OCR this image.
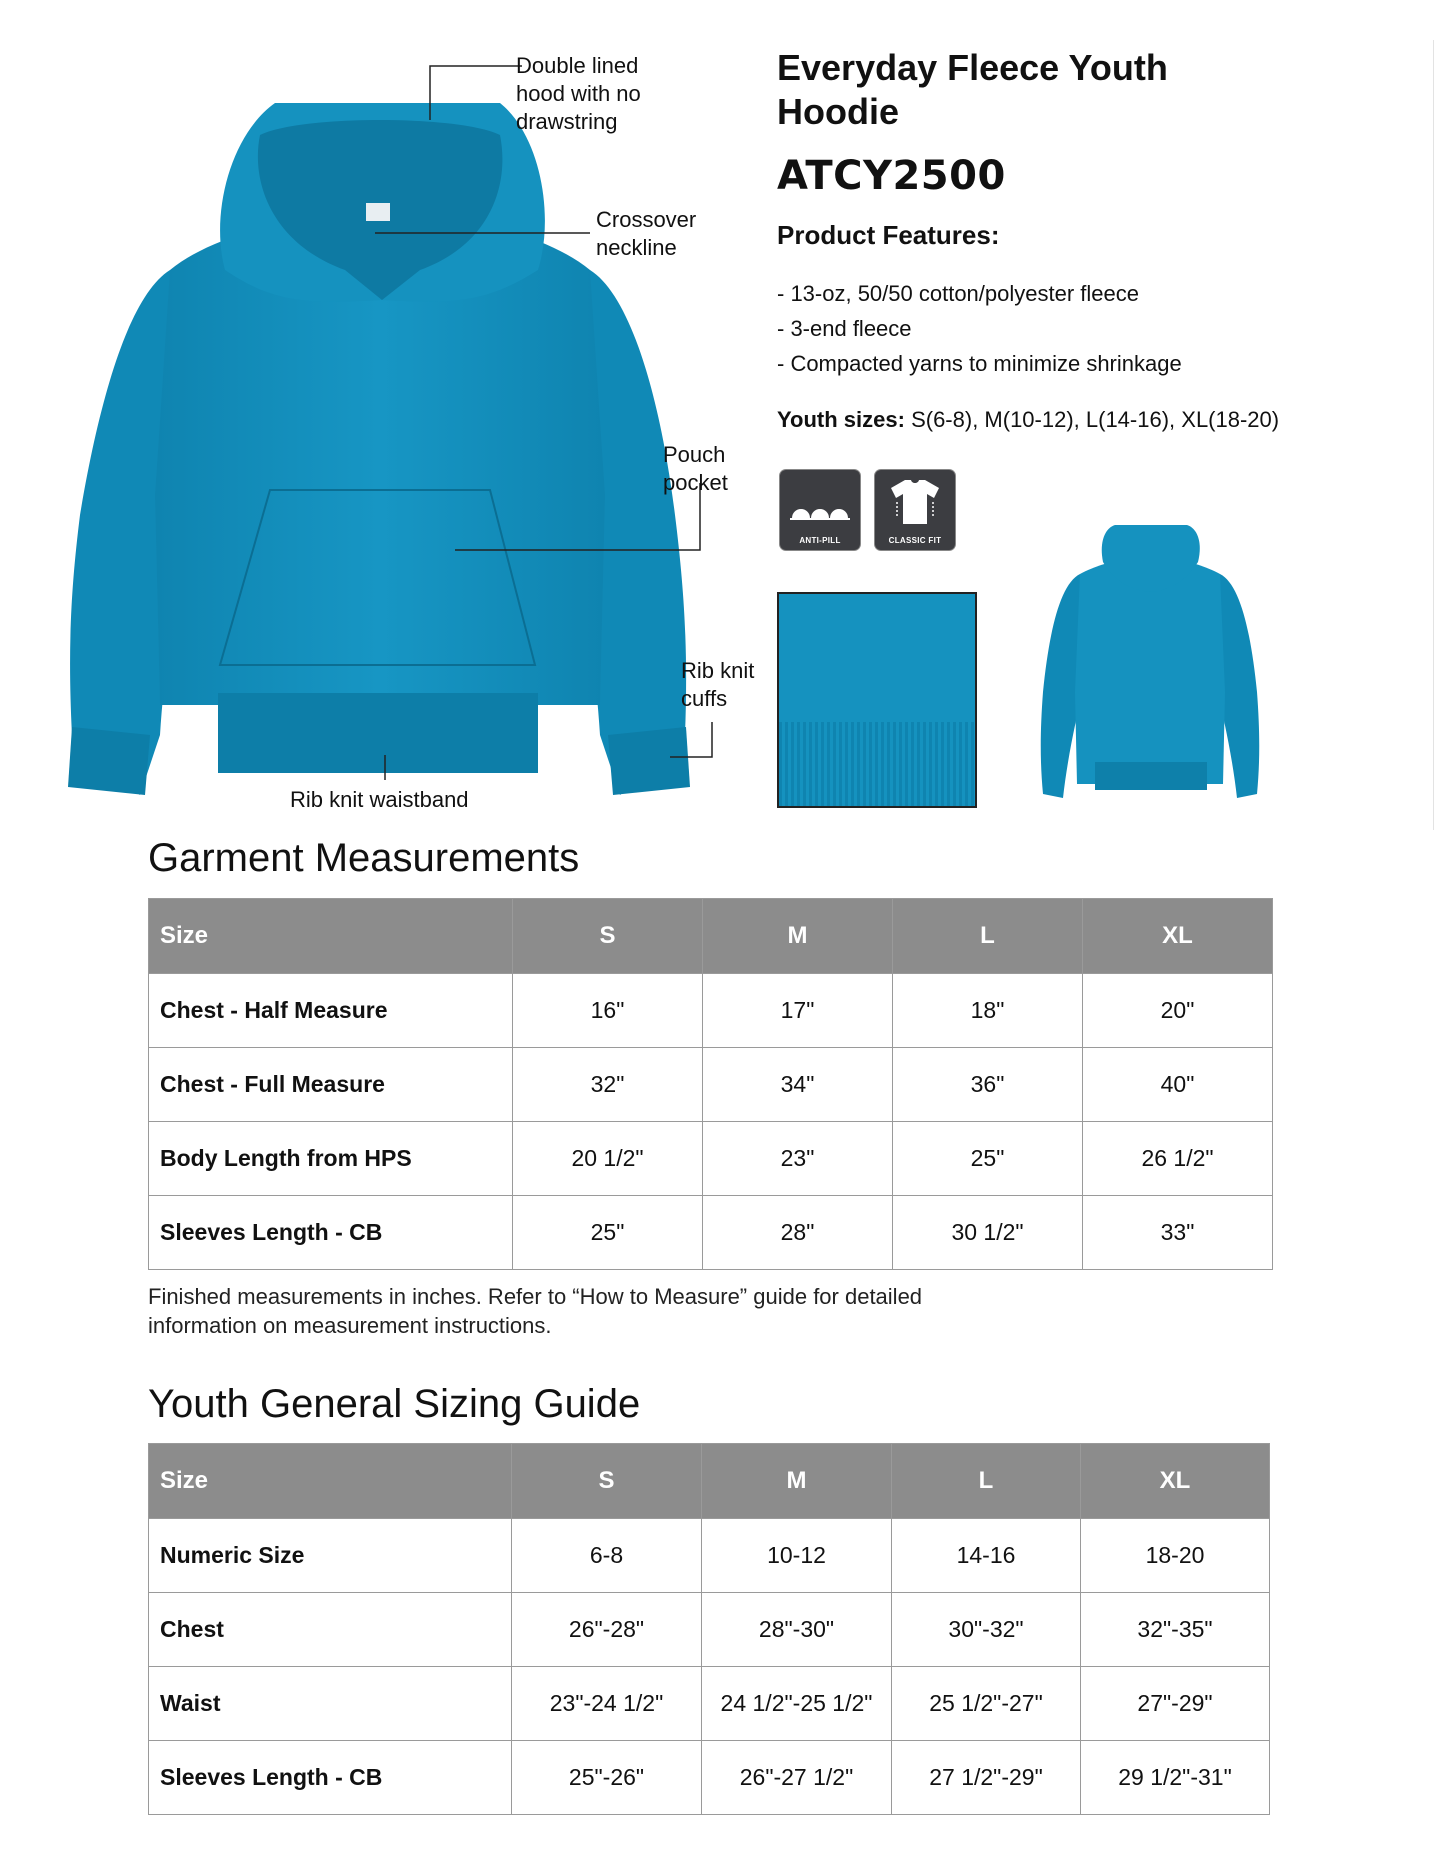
Double lined
hood with no
drawstring
Crossover
neckline
Pouch
pocket
Rib knit
cuffs
Rib knit waistband
Everyday Fleece Youth
Hoodie
ATCY2500
Product Features:
- 13-oz, 50/50 cotton/polyester fleece
- 3-end fleece
- Compacted yarns to minimize shrinkage
Youth sizes: S(6-8), M(10-12), L(14-16), XL(18-20)
ANTI-PILL	CLASSIC FIT
Garment Measurements
Size	S	M	L	XL
Chest - Half Measure	16"	17"	18"	20"
Chest - Full Measure	32"	34"	36"	40"
Body Length from HPS	20 1/2"	23"	25"	26 1/2"
Sleeves Length - CB	25"	28"	30 1/2"	33"
Finished measurements in inches. Refer to “How to Measure” guide for detailed
information on measurement instructions.
Youth General Sizing Guide
Size	S	M	L	XL
Numeric Size	6-8	10-12	14-16	18-20
Chest	26"-28"	28"-30"	30"-32"	32"-35"
Waist	23"-24 1/2"	24 1/2"-25 1/2"	25 1/2"-27"	27"-29"
Sleeves Length - CB	25"-26"	26"-27 1/2"	27 1/2"-29"	29 1/2"-31"
